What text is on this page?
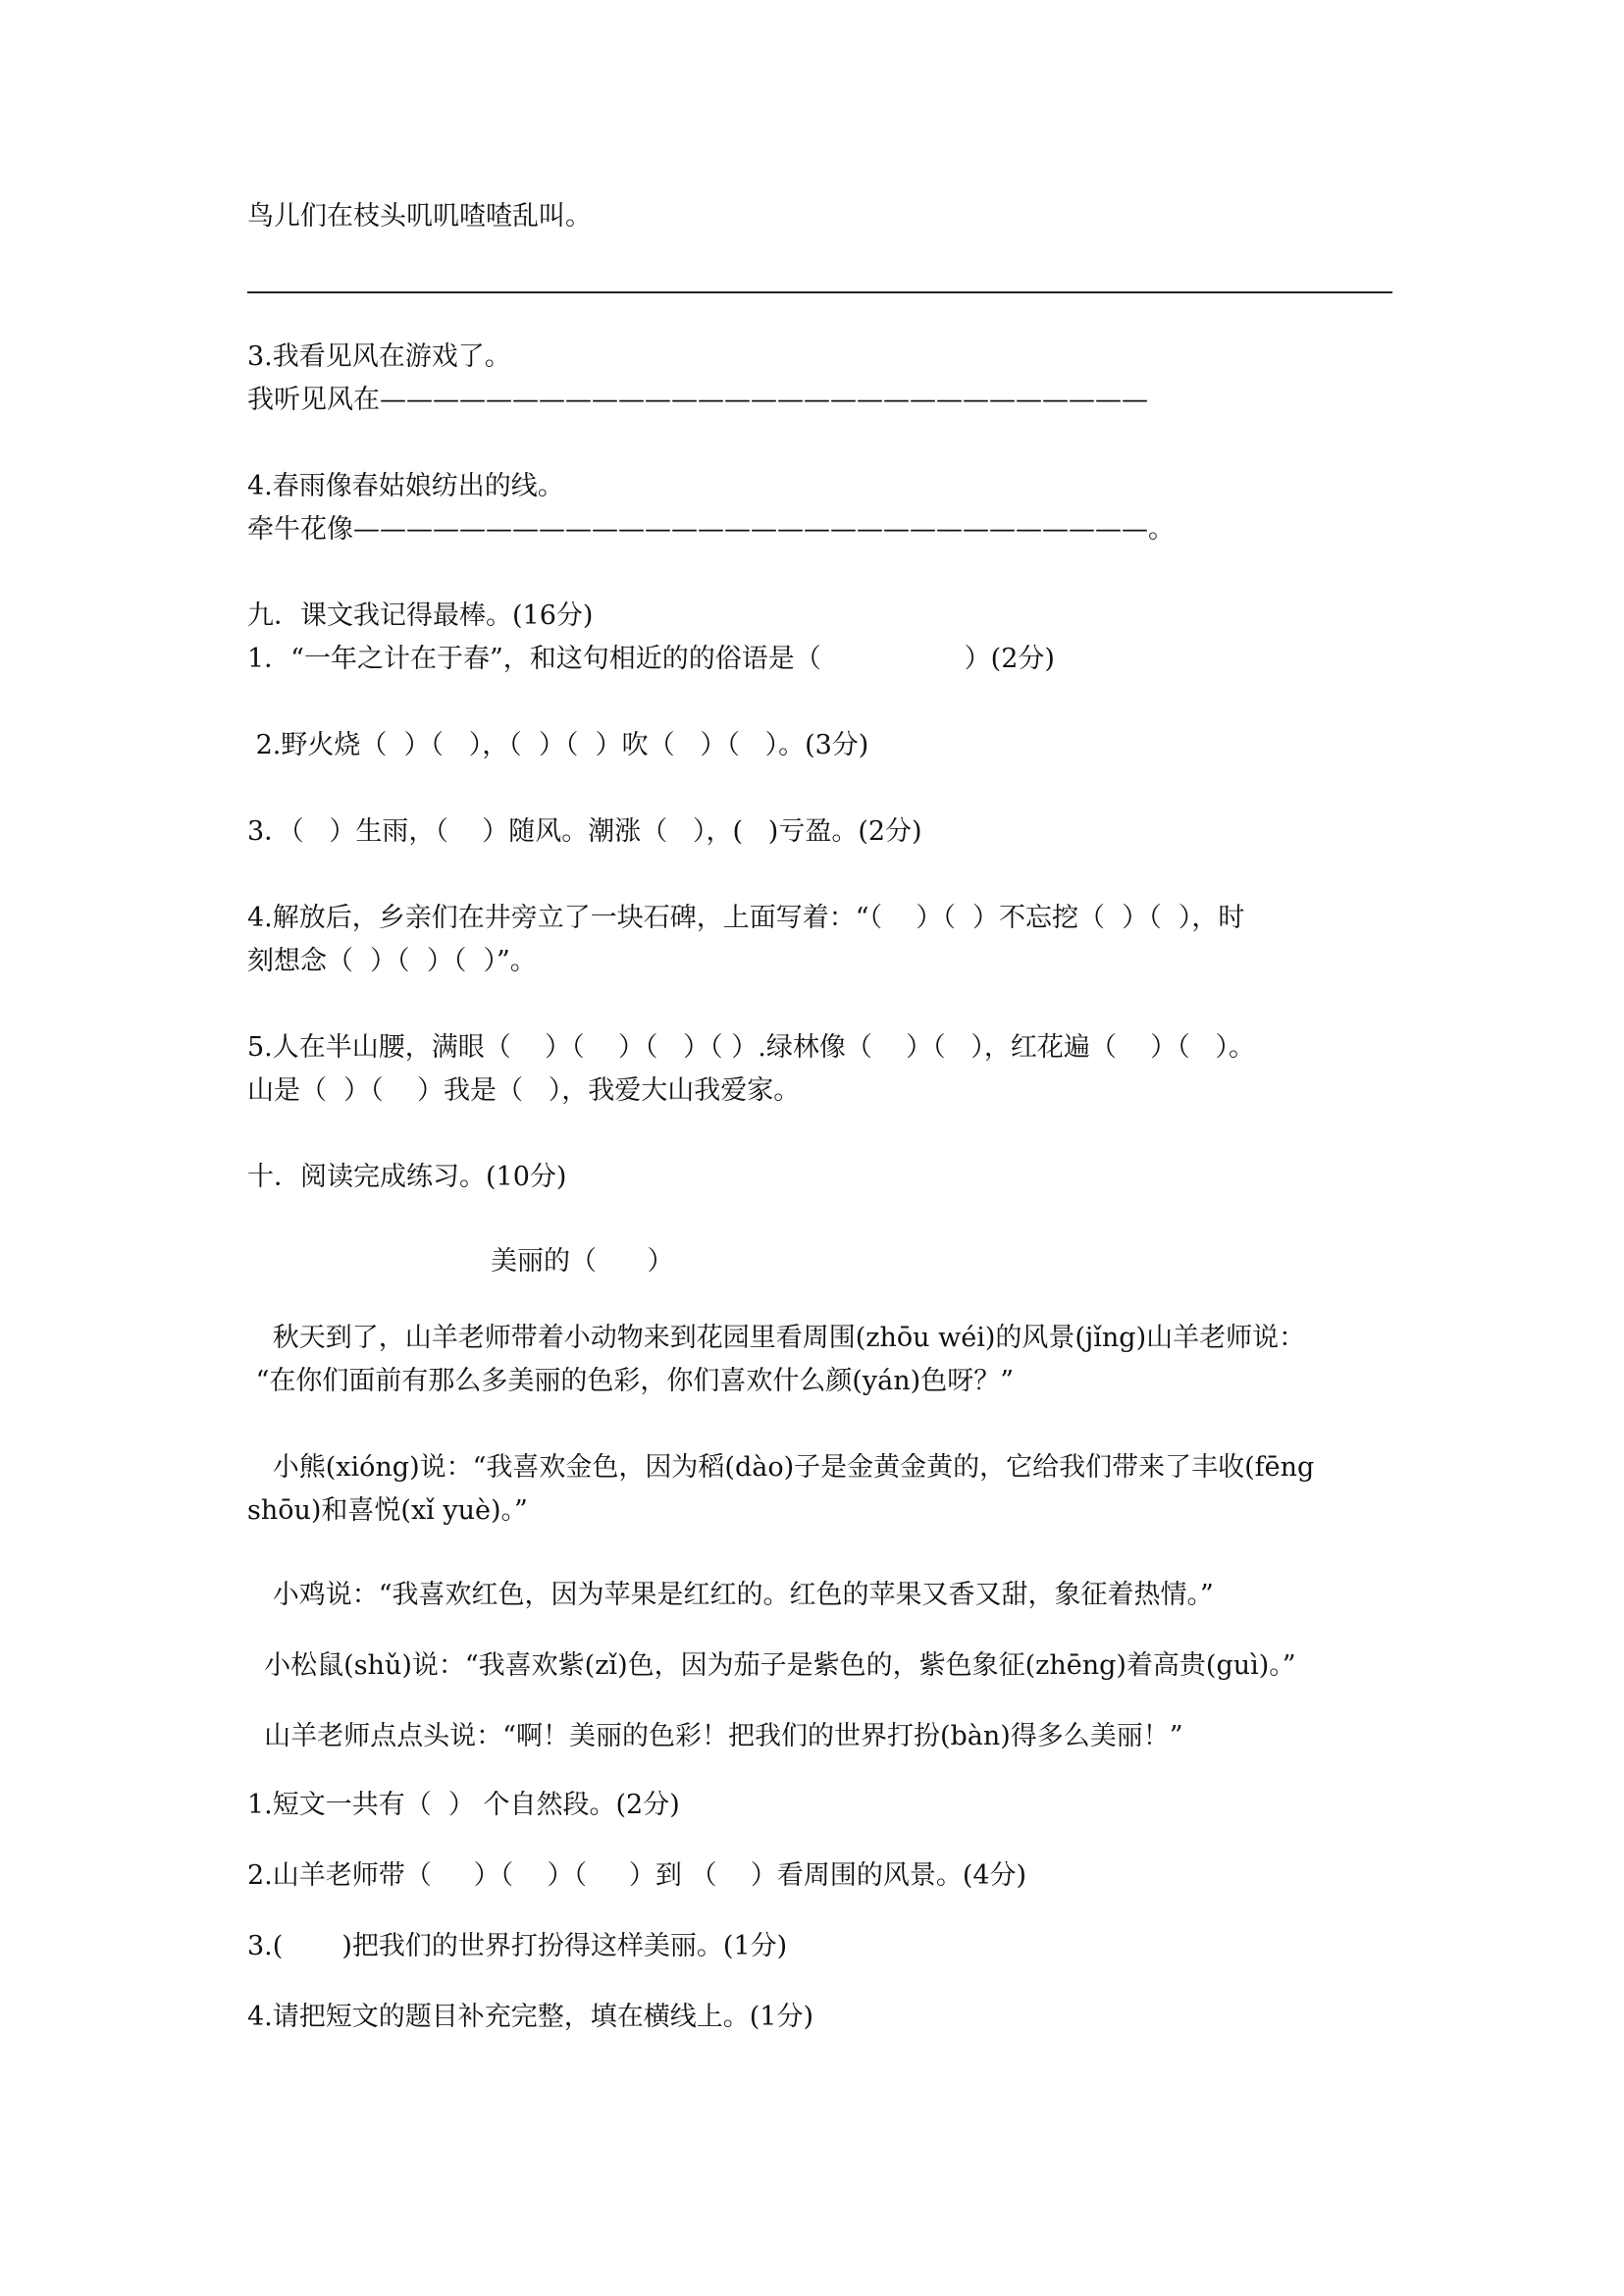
鸟儿们在枝头叽叽喳喳乱叫。
3.我看见风在游戏了。
我听见风在—————————————————————————————
4.春雨像春姑娘纺出的线。
牵牛花像——————————————————————————————。
九．课文我记得最棒。(16分)
1．“一年之计在于春”，和这句相近的的俗语是（                 ）(2分)
2.野火烧（  ）（   ），（  ）（  ）吹（   ）（   ）。(3分)
3．（   ）生雨，（    ）随风。潮涨（   ），(   )亏盈。(2分)
4.解放后，乡亲们在井旁立了一块石碑，上面写着：“（    ）（  ）不忘挖（  ）（  ），时
刻想念（  ）（  ）（  ）”。
5.人在半山腰，满眼（    ）（    ）（   ）（ ）.绿林像（    ）（   ），红花遍（    ）（   ）。
山是（  ）（    ）我是（   ），我爱大山我爱家。
十．阅读完成练习。(10分)
美丽的（      ）
秋天到了，山羊老师带着小动物来到花园里看周围(zhōu wéi)的风景(jǐng)山羊老师说：
“在你们面前有那么多美丽的色彩，你们喜欢什么颜(yán)色呀？”
小熊(xióng)说：“我喜欢金色，因为稻(dào)子是金黄金黄的，它给我们带来了丰收(fēng
shōu)和喜悦(xǐ yuè)。”
小鸡说：“我喜欢红色，因为苹果是红红的。红色的苹果又香又甜，象征着热情。”
小松鼠(shǔ)说：“我喜欢紫(zǐ)色，因为茄子是紫色的，紫色象征(zhēng)着高贵(guì)。”
山羊老师点点头说：“啊！美丽的色彩！把我们的世界打扮(bàn)得多么美丽！”
1.短文一共有（  ） 个自然段。(2分)
2.山羊老师带（     ）（    ）（     ）到 （    ）看周围的风景。(4分)
3.(       )把我们的世界打扮得这样美丽。(1分)
4.请把短文的题目补充完整，填在横线上。(1分)
